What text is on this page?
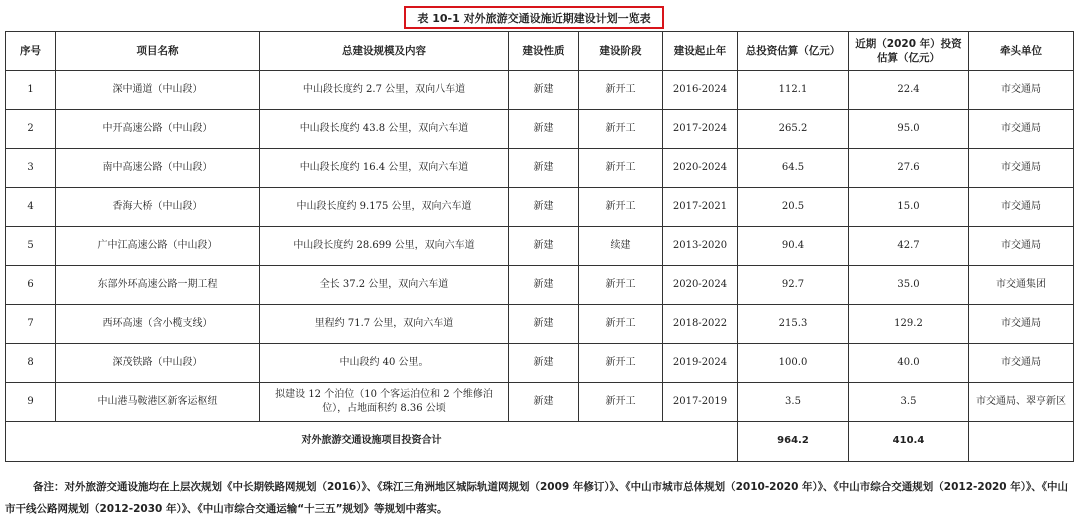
表 10-1 对外旅游交通设施近期建设计划一览表
序号	项目名称	总建设规模及内容	建设性质	建设阶段	建设起止年	总投资估算（亿元）	近期（2020 年）投资估算（亿元）	牵头单位
1	深中通道（中山段）	中山段长度约 2.7 公里，双向八车道	新建	新开工	2016-2024	112.1	22.4	市交通局
2	中开高速公路（中山段）	中山段长度约 43.8 公里，双向六车道	新建	新开工	2017-2024	265.2	95.0	市交通局
3	南中高速公路（中山段）	中山段长度约 16.4 公里，双向六车道	新建	新开工	2020-2024	64.5	27.6	市交通局
4	香海大桥（中山段）	中山段长度约 9.175 公里，双向六车道	新建	新开工	2017-2021	20.5	15.0	市交通局
5	广中江高速公路（中山段）	中山段长度约 28.699 公里，双向六车道	新建	续建	2013-2020	90.4	42.7	市交通局
6	东部外环高速公路一期工程	全长 37.2 公里，双向六车道	新建	新开工	2020-2024	92.7	35.0	市交通集团
7	西环高速（含小榄支线）	里程约 71.7 公里，双向六车道	新建	新开工	2018-2022	215.3	129.2	市交通局
8	深茂铁路（中山段）	中山段约 40 公里。	新建	新开工	2019-2024	100.0	40.0	市交通局
9	中山港马鞍港区新客运枢纽	拟建设 12 个泊位（10 个客运泊位和 2 个维修泊位），占地面积约 8.36 公顷	新建	新开工	2017-2019	3.5	3.5	市交通局、翠亨新区
对外旅游交通设施项目投资合计						964.2	410.4	
备注：对外旅游交通设施均在上层次规划《中长期铁路网规划（2016）》、《珠江三角洲地区城际轨道网规划（2009 年修订）》、《中山市城市总体规划（2010-2020 年）》、《中山市综合交通规划（2012-2020 年）》、《中山市干线公路网规划（2012-2030 年）》、《中山市综合交通运输“十三五”规划》等规划中落实。
